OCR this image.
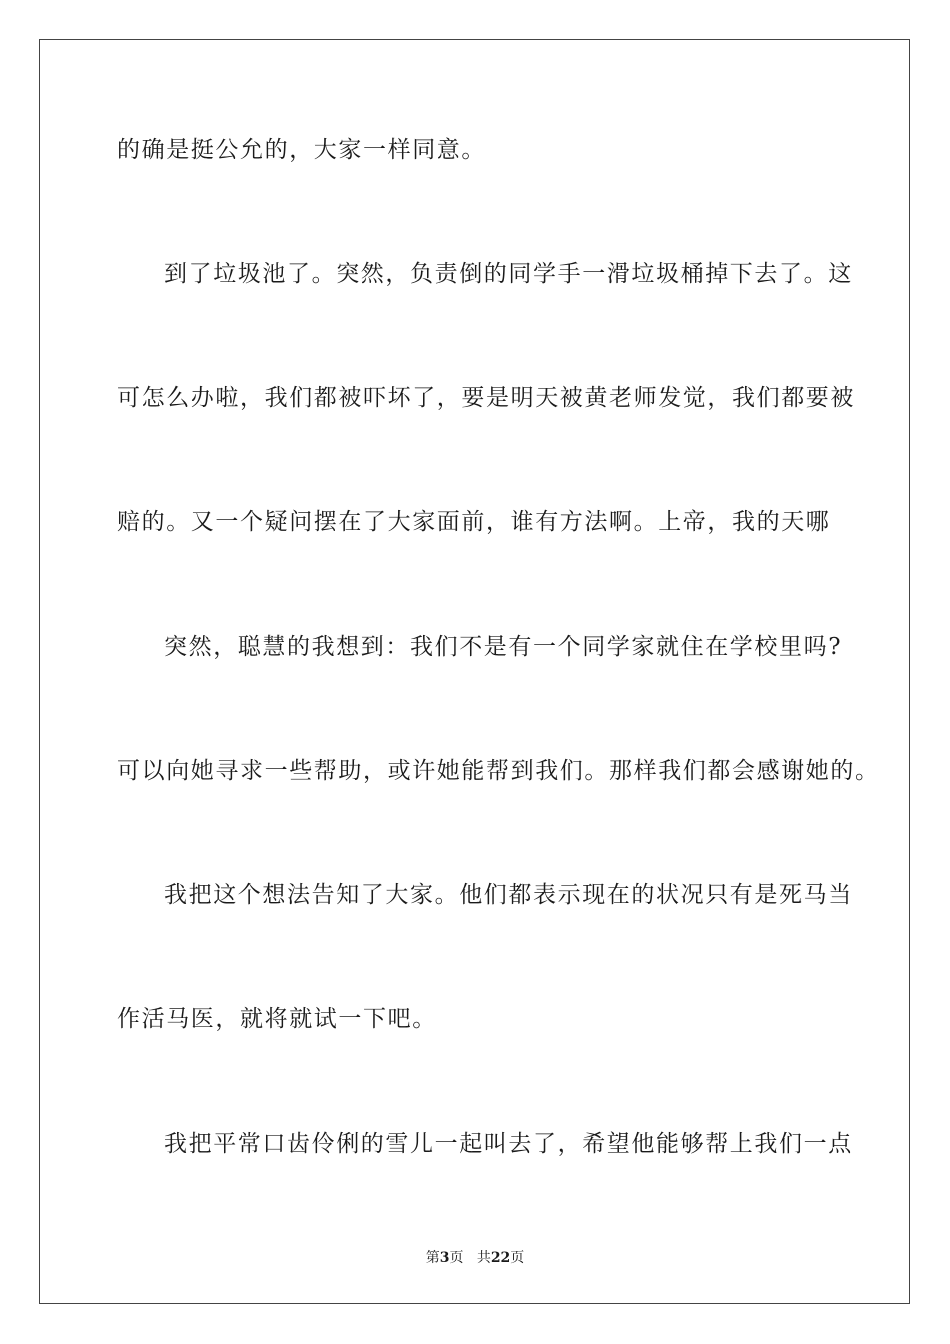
的确是挺公允的，大家一样同意。
到了垃圾池了。突然，负责倒的同学手一滑垃圾桶掉下去了。这
可怎么办啦，我们都被吓坏了，要是明天被黄老师发觉，我们都要被
赔的。又一个疑问摆在了大家面前，谁有方法啊。上帝，我的天哪
突然，聪慧的我想到：我们不是有一个同学家就住在学校里吗?
可以向她寻求一些帮助，或许她能帮到我们。那样我们都会感谢她的。
我把这个想法告知了大家。他们都表示现在的状况只有是死马当
作活马医，就将就试一下吧。
我把平常口齿伶俐的雪儿一起叫去了，希望他能够帮上我们一点
第3页 共22页
